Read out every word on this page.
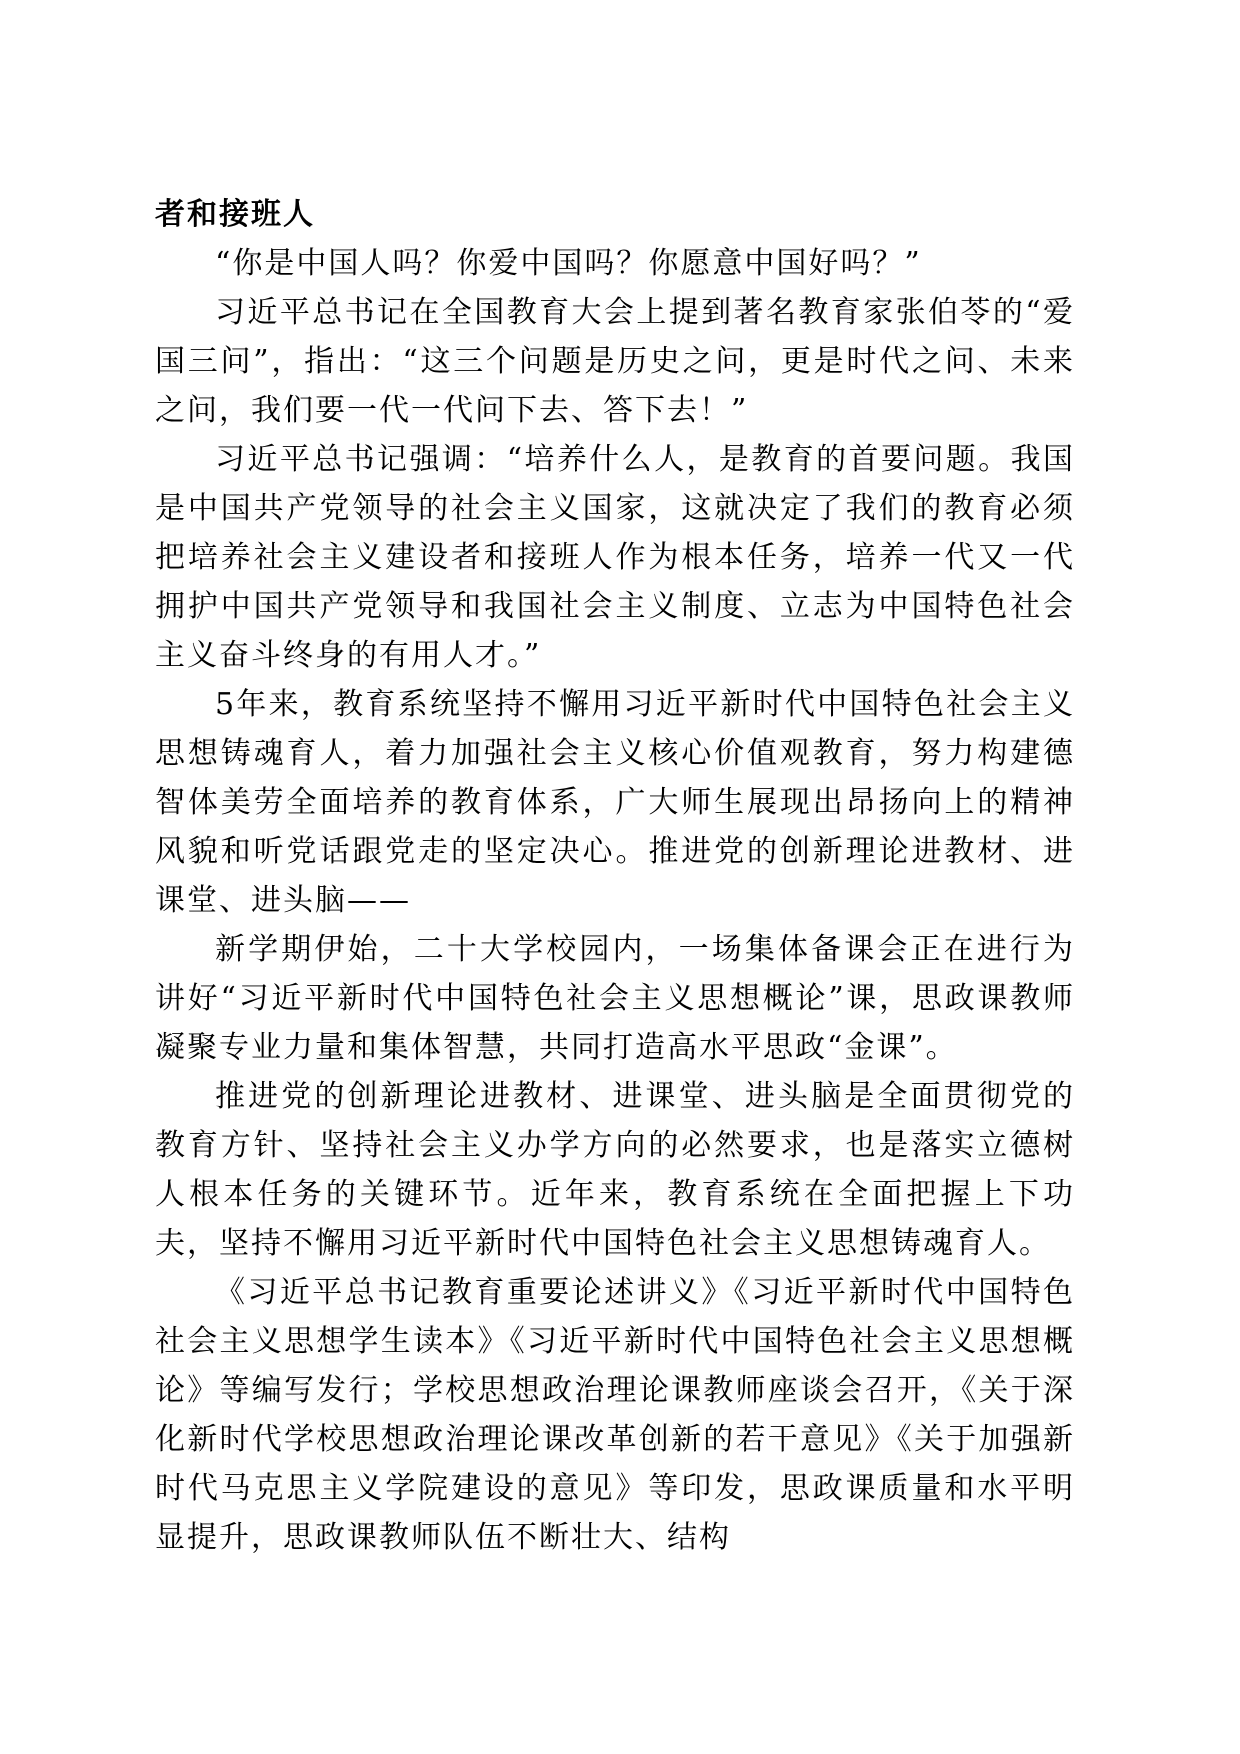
者和接班人

“你是中国人吗？你爱中国吗？你愿意中国好吗？”

习近平总书记在全国教育大会上提到著名教育家张伯苓的“爱国三问”，指出：“这三个问题是历史之问，更是时代之问、未来之问，我们要一代一代问下去、答下去！”

习近平总书记强调：“培养什么人，是教育的首要问题。我国是中国共产党领导的社会主义国家，这就决定了我们的教育必须把培养社会主义建设者和接班人作为根本任务，培养一代又一代拥护中国共产党领导和我国社会主义制度、立志为中国特色社会主义奋斗终身的有用人才。”

5年来，教育系统坚持不懈用习近平新时代中国特色社会主义思想铸魂育人，着力加强社会主义核心价值观教育，努力构建德智体美劳全面培养的教育体系，广大师生展现出昂扬向上的精神风貌和听党话跟党走的坚定决心。推进党的创新理论进教材、进课堂、进头脑——

新学期伊始，二十大学校园内，一场集体备课会正在进行为讲好“习近平新时代中国特色社会主义思想概论”课，思政课教师凝聚专业力量和集体智慧，共同打造高水平思政“金课”。

推进党的创新理论进教材、进课堂、进头脑是全面贯彻党的教育方针、坚持社会主义办学方向的必然要求，也是落实立德树人根本任务的关键环节。近年来，教育系统在全面把握上下功夫，坚持不懈用习近平新时代中国特色社会主义思想铸魂育人。

《习近平总书记教育重要论述讲义》《习近平新时代中国特色社会主义思想学生读本》《习近平新时代中国特色社会主义思想概论》等编写发行；学校思想政治理论课教师座谈会召开，《关于深化新时代学校思想政治理论课改革创新的若干意见》《关于加强新时代马克思主义学院建设的意见》等印发，思政课质量和水平明显提升，思政课教师队伍不断壮大、结构
